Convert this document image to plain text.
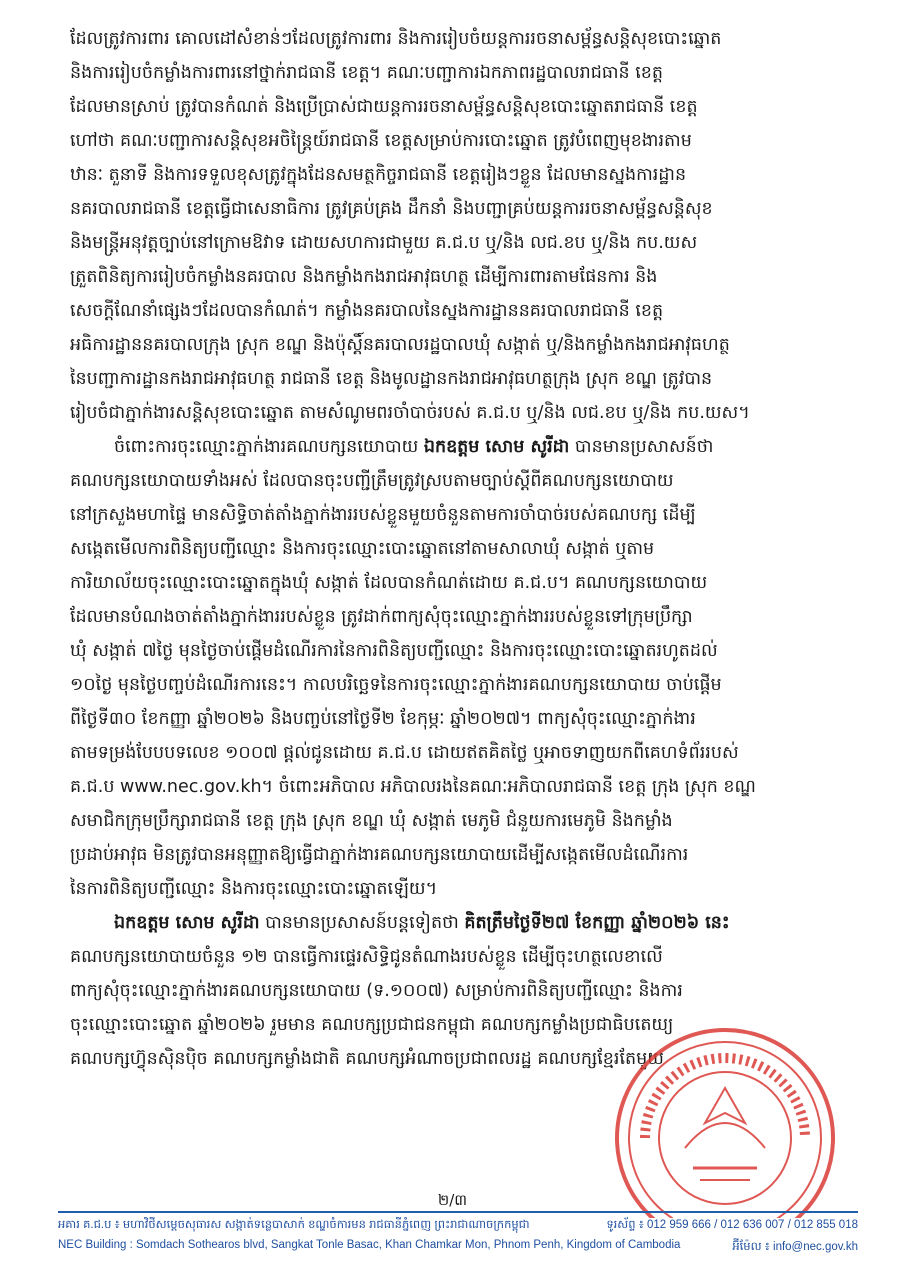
ដែលត្រូវការពារ គោលដៅសំខាន់ៗដែលត្រូវការពារ និងការរៀបចំយន្តការរចនាសម្ព័ន្ធសន្តិសុខបោះឆ្នោត
និងការរៀបចំកម្លាំងការពារនៅថ្នាក់រាជធានី ខេត្ត។ គណៈបញ្ជាការឯកភាពរដ្ឋបាលរាជធានី ខេត្ត
ដែលមានស្រាប់ ត្រូវបានកំណត់ និងប្រើប្រាស់ជាយន្តការរចនាសម្ព័ន្ធសន្តិសុខបោះឆ្នោតរាជធានី ខេត្ត
ហៅថា គណៈបញ្ជាការសន្តិសុខអចិន្ត្រៃយ៍រាជធានី ខេត្តសម្រាប់ការបោះឆ្នោត ត្រូវបំពេញមុខងារតាម
ឋានៈ តួនាទី និងការទទួលខុសត្រូវក្នុងដែនសមត្ថកិច្ចរាជធានី ខេត្តរៀងៗខ្លួន ដែលមានស្នងការដ្ឋាន
នគរបាលរាជធានី ខេត្តធ្វើជាសេនាធិការ ត្រូវគ្រប់គ្រង ដឹកនាំ និងបញ្ជាគ្រប់យន្តការរចនាសម្ព័ន្ធសន្តិសុខ
និងមន្ត្រីអនុវត្តច្បាប់នៅក្រោមឱវាទ ដោយសហការជាមួយ គ.ជ.ប ឬ/និង លជ.ខប ឬ/និង កប.យស
ត្រួតពិនិត្យការរៀបចំកម្លាំងនគរបាល និងកម្លាំងកងរាជអាវុធហត្ថ ដើម្បីការពារតាមផែនការ និង
សេចក្តីណែនាំផ្សេងៗដែលបានកំណត់។ កម្លាំងនគរបាលនៃស្នងការដ្ឋាននគរបាលរាជធានី ខេត្ត
អធិការដ្ឋាននគរបាលក្រុង ស្រុក ខណ្ឌ និងប៉ុស្តិ៍នគរបាលរដ្ឋបាលឃុំ សង្កាត់ ឬ/និងកម្លាំងកងរាជអាវុធហត្ថ
នៃបញ្ជាការដ្ឋានកងរាជអាវុធហត្ថ រាជធានី ខេត្ត និងមូលដ្ឋានកងរាជអាវុធហត្ថក្រុង ស្រុក ខណ្ឌ ត្រូវបាន
រៀបចំជាភ្នាក់ងារសន្តិសុខបោះឆ្នោត តាមសំណូមពរចាំបាច់របស់ គ.ជ.ប ឬ/និង លជ.ខប ឬ/និង កប.យស។
ចំពោះការចុះឈ្មោះភ្នាក់ងារគណបក្សនយោបាយ ឯកឧត្តម សោម សូរីដា បានមានប្រសាសន៍ថា
គណបក្សនយោបាយទាំងអស់ ដែលបានចុះបញ្ជីត្រឹមត្រូវស្របតាមច្បាប់ស្តីពីគណបក្សនយោបាយ
នៅក្រសួងមហាផ្ទៃ មានសិទ្ធិចាត់តាំងភ្នាក់ងាររបស់ខ្លួនមួយចំនួនតាមការចាំបាច់របស់គណបក្ស ដើម្បី
សង្កេតមើលការពិនិត្យបញ្ជីឈ្មោះ និងការចុះឈ្មោះបោះឆ្នោតនៅតាមសាលាឃុំ សង្កាត់ ឬតាម
ការិយាល័យចុះឈ្មោះបោះឆ្នោតក្នុងឃុំ សង្កាត់ ដែលបានកំណត់ដោយ គ.ជ.ប។ គណបក្សនយោបាយ
ដែលមានបំណងចាត់តាំងភ្នាក់ងាររបស់ខ្លួន ត្រូវដាក់ពាក្យសុំចុះឈ្មោះភ្នាក់ងាររបស់ខ្លួនទៅក្រុមប្រឹក្សា
ឃុំ សង្កាត់ ៧ថ្ងៃ មុនថ្ងៃចាប់ផ្តើមដំណើរការនៃការពិនិត្យបញ្ជីឈ្មោះ និងការចុះឈ្មោះបោះឆ្នោតរហូតដល់
១០ថ្ងៃ មុនថ្ងៃបញ្ចប់ដំណើរការនេះ។ កាលបរិច្ឆេទនៃការចុះឈ្មោះភ្នាក់ងារគណបក្សនយោបាយ ចាប់ផ្តើម
ពីថ្ងៃទី៣០ ខែកញ្ញា ឆ្នាំ២០២៦ និងបញ្ចប់នៅថ្ងៃទី២ ខែកុម្ភៈ ឆ្នាំ២០២៧។ ពាក្យសុំចុះឈ្មោះភ្នាក់ងារ
តាមទម្រង់បែបបទលេខ ១០០៧ ផ្តល់ជូនដោយ គ.ជ.ប ដោយឥតគិតថ្លៃ ឬអាចទាញយកពីគេហទំព័ររបស់
គ.ជ.ប www.nec.gov.kh។ ចំពោះអភិបាល អភិបាលរងនៃគណៈអភិបាលរាជធានី ខេត្ត ក្រុង ស្រុក ខណ្ឌ
សមាជិកក្រុមប្រឹក្សារាជធានី ខេត្ត ក្រុង ស្រុក ខណ្ឌ ឃុំ សង្កាត់ មេភូមិ ជំនួយការមេភូមិ និងកម្លាំង
ប្រដាប់អាវុធ មិនត្រូវបានអនុញ្ញាតឱ្យធ្វើជាភ្នាក់ងារគណបក្សនយោបាយដើម្បីសង្កេតមើលដំណើរការ
នៃការពិនិត្យបញ្ជីឈ្មោះ និងការចុះឈ្មោះបោះឆ្នោតឡើយ។
ឯកឧត្តម សោម សូរីដា បានមានប្រសាសន៍បន្តទៀតថា គិតត្រឹមថ្ងៃទី២៧ ខែកញ្ញា ឆ្នាំ២០២៦ នេះ
គណបក្សនយោបាយចំនួន ១២ បានធ្វើការផ្ទេរសិទ្ធិជូនតំណាងរបស់ខ្លួន ដើម្បីចុះហត្ថលេខាលើ
ពាក្យសុំចុះឈ្មោះភ្នាក់ងារគណបក្សនយោបាយ (ទ.១០០៧) សម្រាប់ការពិនិត្យបញ្ជីឈ្មោះ និងការ
ចុះឈ្មោះបោះឆ្នោត ឆ្នាំ២០២៦ រួមមាន គណបក្សប្រជាជនកម្ពុជា គណបក្សកម្លាំងប្រជាធិបតេយ្យ
គណបក្សហ៊្វុនស៊ិនប៉ិច គណបក្សកម្លាំងជាតិ គណបក្សអំណាចប្រជាពលរដ្ឋ គណបក្សខ្មែរតែមួយ
២/៣
អគារ គ.ជ.ប ៖ មហាវិថីសម្តេចសុធារស សង្កាត់ទន្លេបាសាក់ ខណ្ឌចំការមន រាជធានីភ្នំពេញ ព្រះរាជាណាចក្រកម្ពុជា	ទូរស័ព្ទ ៖ 012 959 666 / 012 636 007 / 012 855 018
NEC Building : Somdach Sothearos blvd, Sangkat Tonle Basac, Khan Chamkar Mon, Phnom Penh, Kingdom of Cambodia	អ៊ីម៉ែល ៖ info@nec.gov.kh
